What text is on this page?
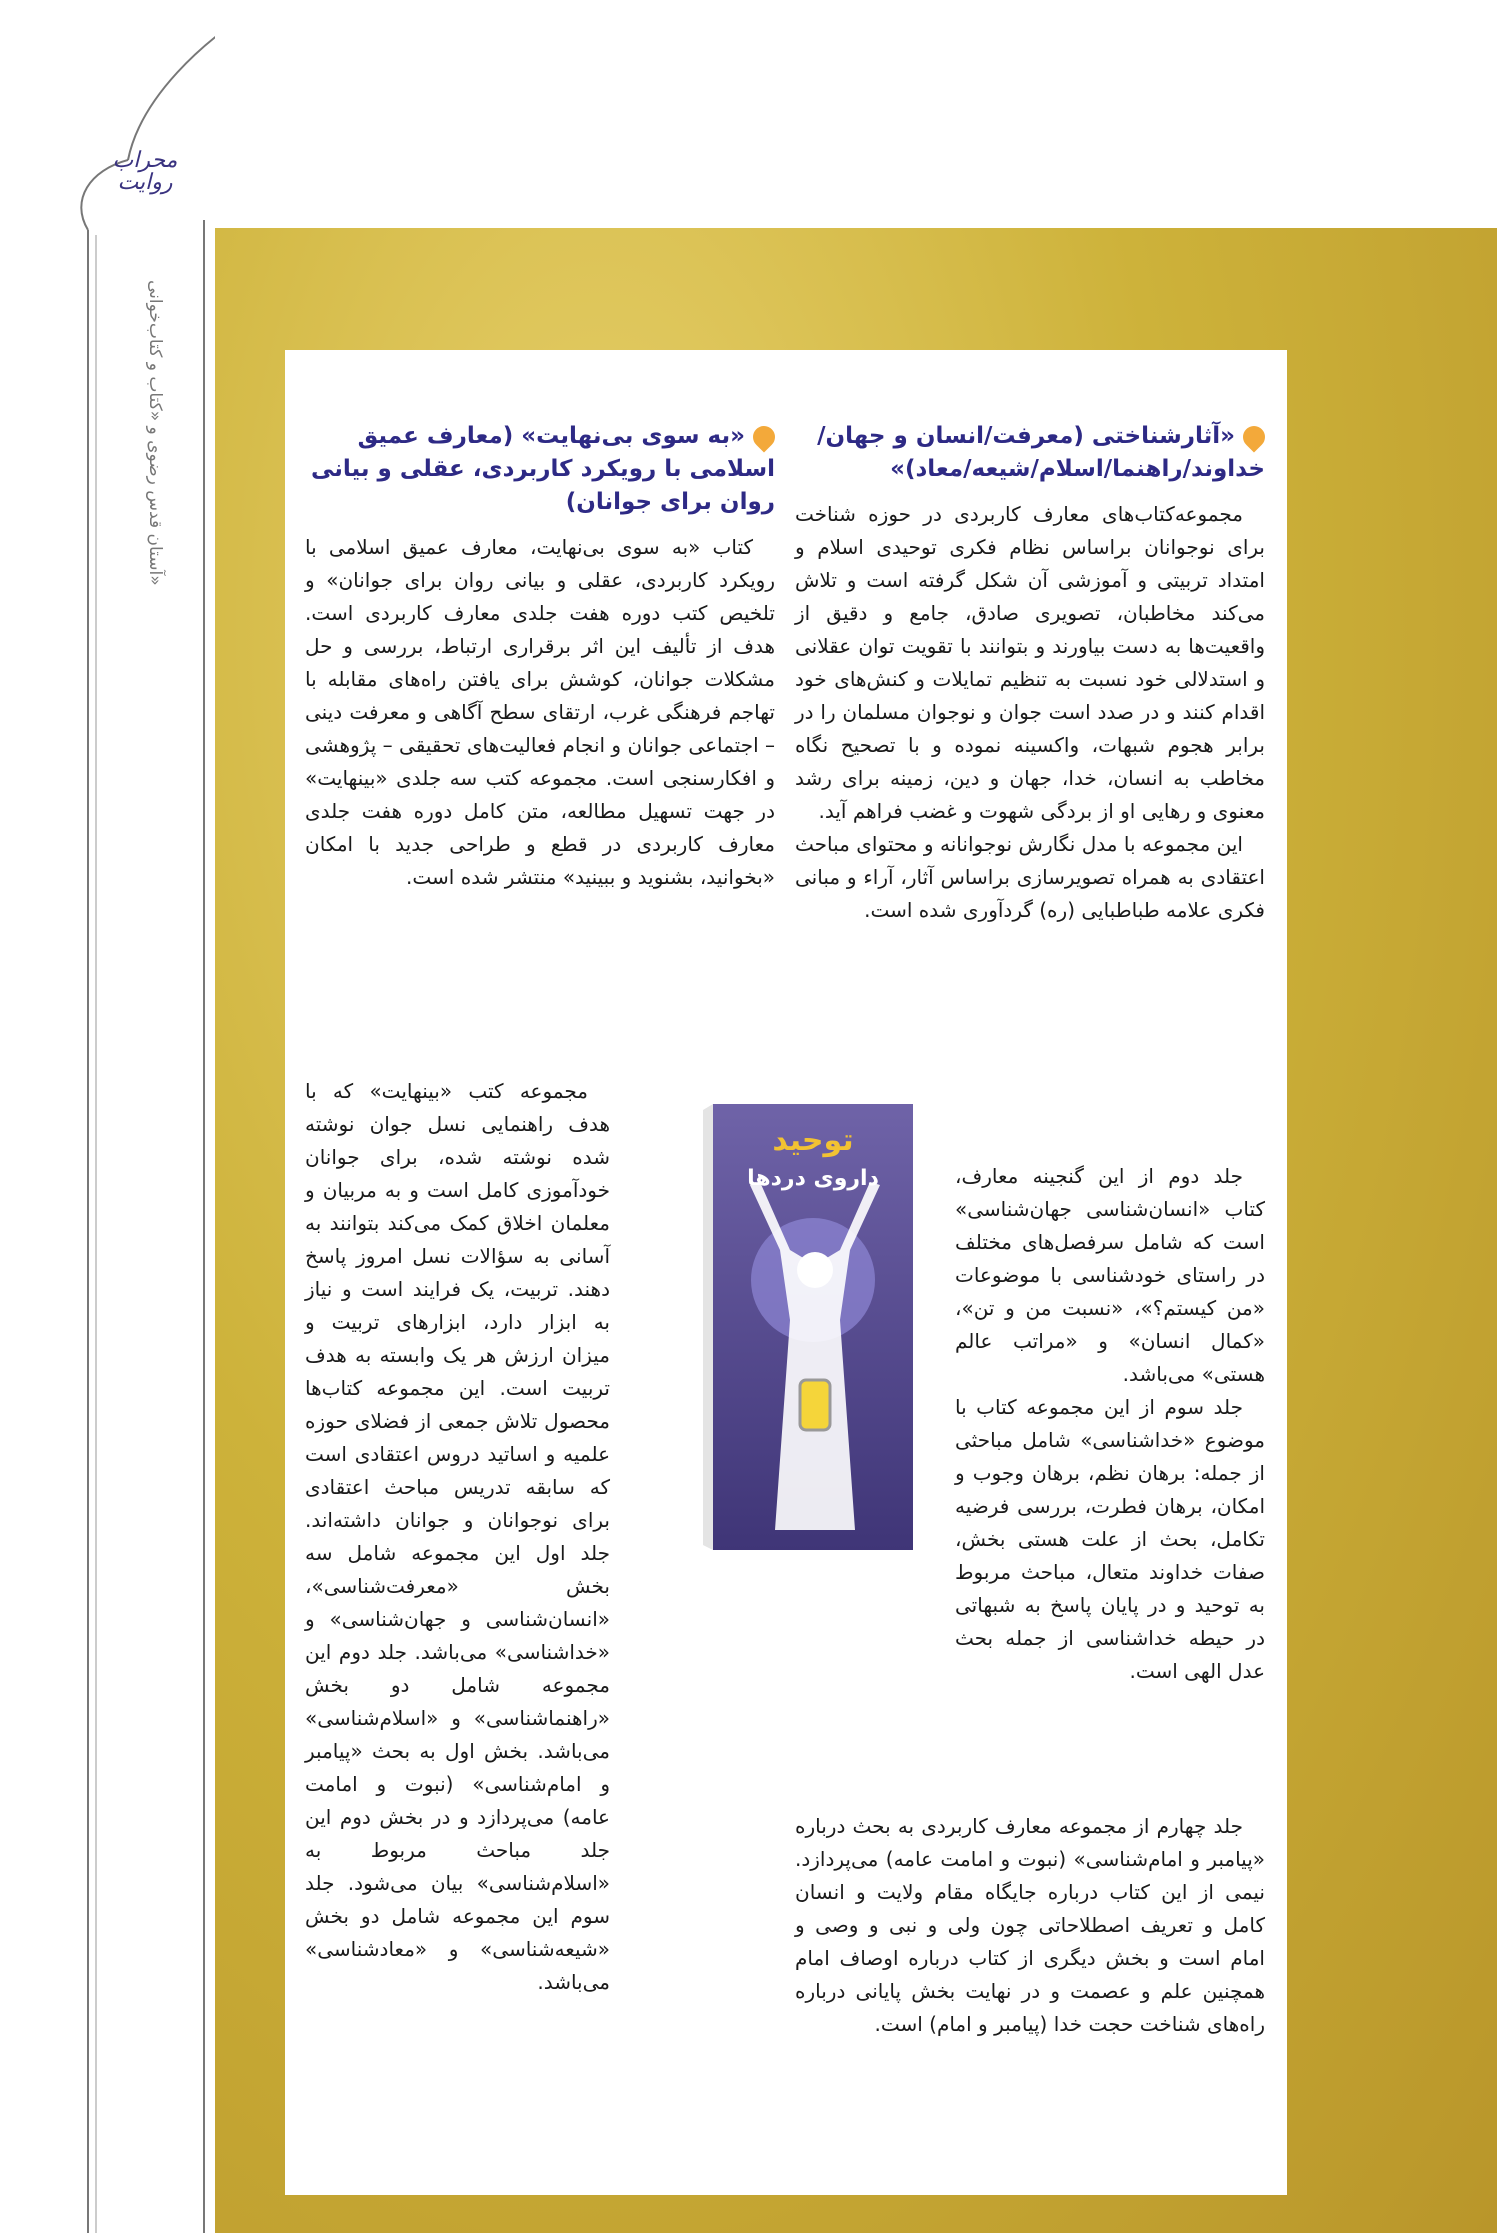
محراب
روایت
آستان قدس رضوی و «کتاب و کتاب‌خوانی»
«آثارشناختی (معرفت/انسان و جهان/خداوند/راهنما/اسلام/شیعه/معاد)»

مجموعه‌کتاب‌های معارف کاربردی در حوزه شناخت برای نوجوانان براساس نظام فکری توحیدی اسلام و امتداد تربیتی و آموزشی آن شکل گرفته است و تلاش می‌کند مخاطبان، تصویری صادق، جامع و دقیق از واقعیت‌ها به دست بیاورند و بتوانند با تقویت توان عقلانی و استدلالی خود نسبت به تنظیم تمایلات و کنش‌های خود اقدام کنند و در صدد است جوان و نوجوان مسلمان را در برابر هجوم شبهات، واکسینه نموده و با تصحیح نگاه مخاطب به انسان، خدا، جهان و دین، زمینه برای رشد معنوی و رهایی او از بردگی شهوت و غضب فراهم آید.

این مجموعه با مدل نگارش نوجوانانه و محتوای مباحث اعتقادی به همراه تصویرسازی براساس آثار، آراء و مبانی فکری علامه طباطبایی (ره) گردآوری شده است.

جلد دوم از این گنجینه معارف، کتاب «انسان‌شناسی جهان‌شناسی» است که شامل سرفصل‌های مختلف در راستای خودشناسی با موضوعات «من کیستم؟»، «نسبت من و تن»، «کمال انسان» و «مراتب عالم هستی» می‌باشد.

جلد سوم از این مجموعه کتاب با موضوع «خداشناسی» شامل مباحثی از جمله: برهان نظم، برهان وجوب و امکان، برهان فطرت، بررسی فرضیه تکامل، بحث از علت هستی بخش، صفات خداوند متعال، مباحث مربوط به توحید و در پایان پاسخ به شبهاتی در حیطه خداشناسی از جمله بحث عدل الهی است.

جلد چهارم از مجموعه معارف کاربردی به بحث درباره «پیامبر و امام‌شناسی» (نبوت و امامت عامه) می‌پردازد. نیمی از این کتاب درباره جایگاه مقام ولایت و انسان کامل و تعریف اصطلاحاتی چون ولی و نبی و وصی و امام است و بخش دیگری از کتاب درباره اوصاف امام همچنین علم و عصمت و در نهایت بخش پایانی درباره راه‌های شناخت حجت خدا (پیامبر و امام) است.

«به سوی بی‌نهایت» (معارف عمیق اسلامی با رویکرد کاربردی، عقلی و بیانی روان برای جوانان)

کتاب «به سوی بی‌نهایت، معارف عمیق اسلامی با رویکرد کاربردی، عقلی و بیانی روان برای جوانان» و تلخیص کتب دوره هفت جلدی معارف کاربردی است. هدف از تألیف این اثر برقراری ارتباط، بررسی و حل مشکلات جوانان، کوشش برای یافتن راه‌های مقابله با تهاجم فرهنگی غرب، ارتقای سطح آگاهی و معرفت دینی – اجتماعی جوانان و انجام فعالیت‌های تحقیقی – پژوهشی و افکارسنجی است. مجموعه کتب سه جلدی «بینهایت» در جهت تسهیل مطالعه، متن کامل دوره هفت جلدی معارف کاربردی در قطع و طراحی جدید با امکان «بخوانید، بشنوید و ببینید» منتشر شده است.

مجموعه کتب «بینهایت» که با هدف راهنمایی نسل جوان نوشته شده نوشته شده، برای جوانان خودآموزی کامل است و به مربیان و معلمان اخلاق کمک می‌کند بتوانند به آسانی به سؤالات نسل امروز پاسخ دهند. تربیت، یک فرایند است و نیاز به ابزار دارد، ابزارهای تربیت و میزان ارزش هر یک وابسته به هدف تربیت است. این مجموعه کتاب‌ها محصول تلاش جمعی از فضلای حوزه علمیه و اساتید دروس اعتقادی است که سابقه تدریس مباحث اعتقادی برای نوجوانان و جوانان داشته‌اند. جلد اول این مجموعه شامل سه بخش «معرفت‌شناسی»، «انسان‌شناسی و جهان‌شناسی» و «خداشناسی» می‌باشد. جلد دوم این مجموعه شامل دو بخش «راهنماشناسی» و «اسلام‌شناسی» می‌باشد. بخش اول به بحث «پیامبر و امام‌شناسی» (نبوت و امامت عامه) می‌پردازد و در بخش دوم این جلد مباحث مربوط به «اسلام‌شناسی» بیان می‌شود. جلد سوم این مجموعه شامل دو بخش «شیعه‌شناسی» و «معادشناسی» می‌باشد.

توحید
داروی دردها
